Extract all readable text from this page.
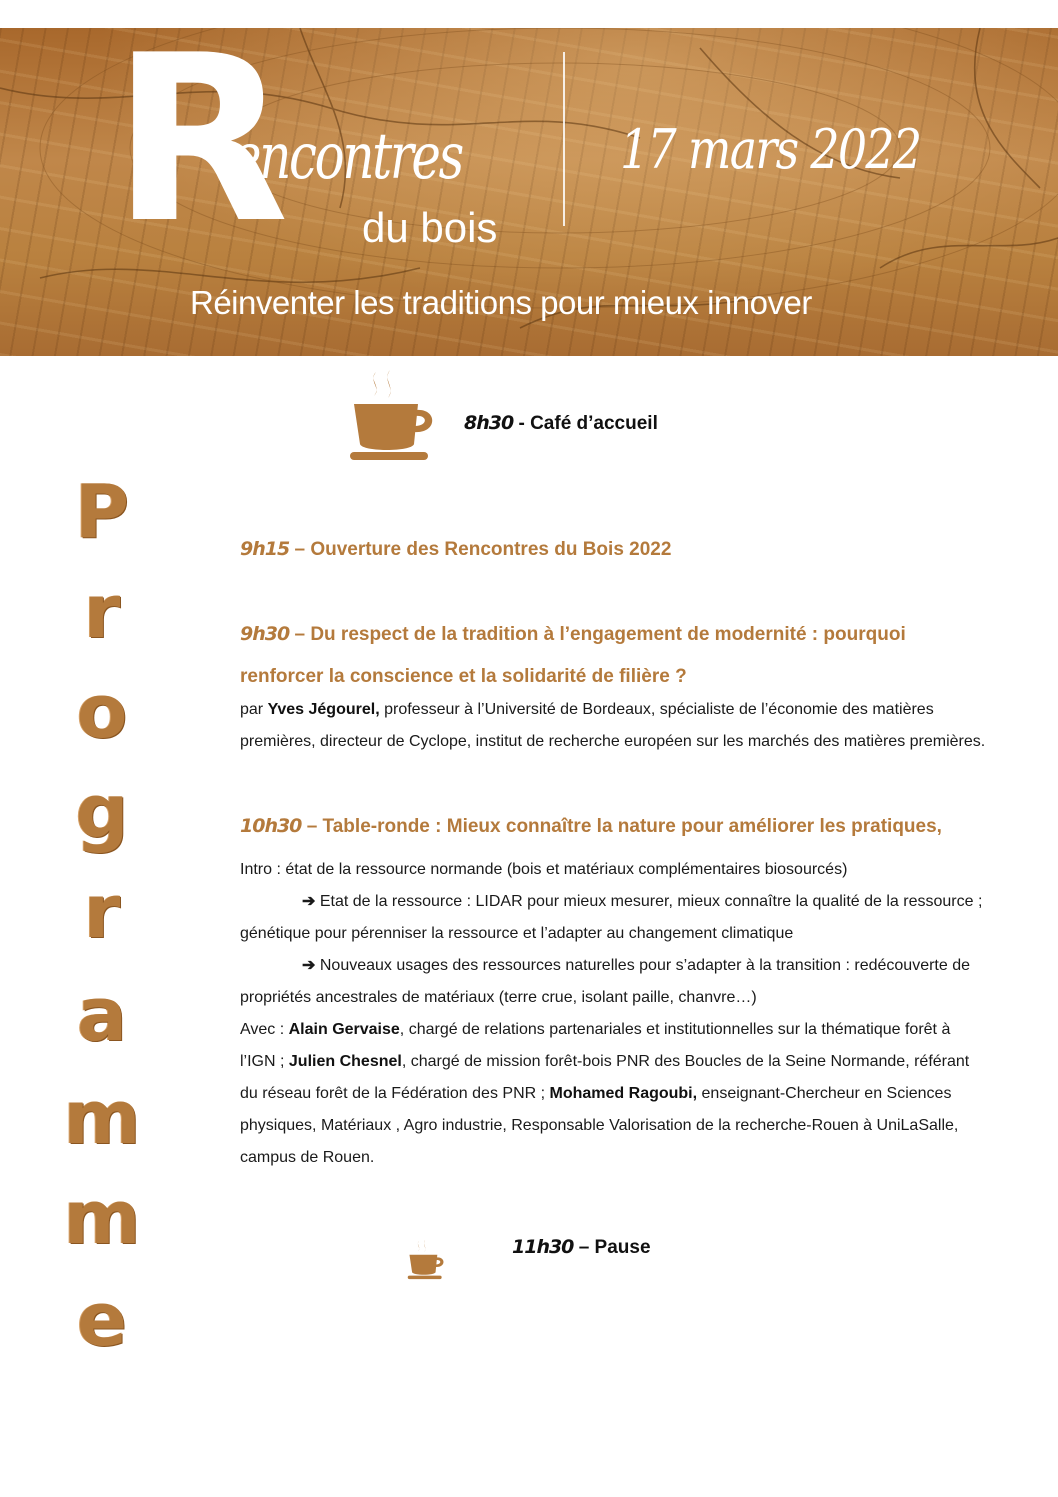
R
encontres
du bois
17 mars 2022
Réinventer les traditions pour mieux innover
P
r
o
g
r
a
m
m
e
8h30 - Café d’accueil
9h15 – Ouverture des Rencontres du Bois 2022
9h30 – Du respect de la tradition à l’engagement de modernité : pourquoi
renforcer la conscience et la solidarité de filière ?
par Yves Jégourel, professeur à l’Université de Bordeaux, spécialiste de l’économie des matières
premières, directeur de Cyclope, institut de recherche européen sur les marchés des matières premières.
10h30 – Table-ronde : Mieux connaître la nature pour améliorer les pratiques,
Intro : état de la ressource normande (bois et matériaux complémentaires biosourcés)
➔ Etat de la ressource : LIDAR pour mieux mesurer, mieux connaître la qualité de la ressource ;
génétique pour pérenniser la ressource et l’adapter au changement climatique
➔ Nouveaux usages des ressources naturelles pour s’adapter à la transition : redécouverte de
propriétés ancestrales de matériaux (terre crue, isolant paille, chanvre…)
Avec : Alain Gervaise, chargé de relations partenariales et institutionnelles sur la thématique forêt à
l’IGN ; Julien Chesnel, chargé de mission forêt-bois PNR des Boucles de la Seine Normande, référant
du réseau forêt de la Fédération des PNR ; Mohamed Ragoubi, enseignant-Chercheur en Sciences
physiques, Matériaux , Agro industrie, Responsable Valorisation de la recherche-Rouen à UniLaSalle,
campus de Rouen.
11h30 – Pause
